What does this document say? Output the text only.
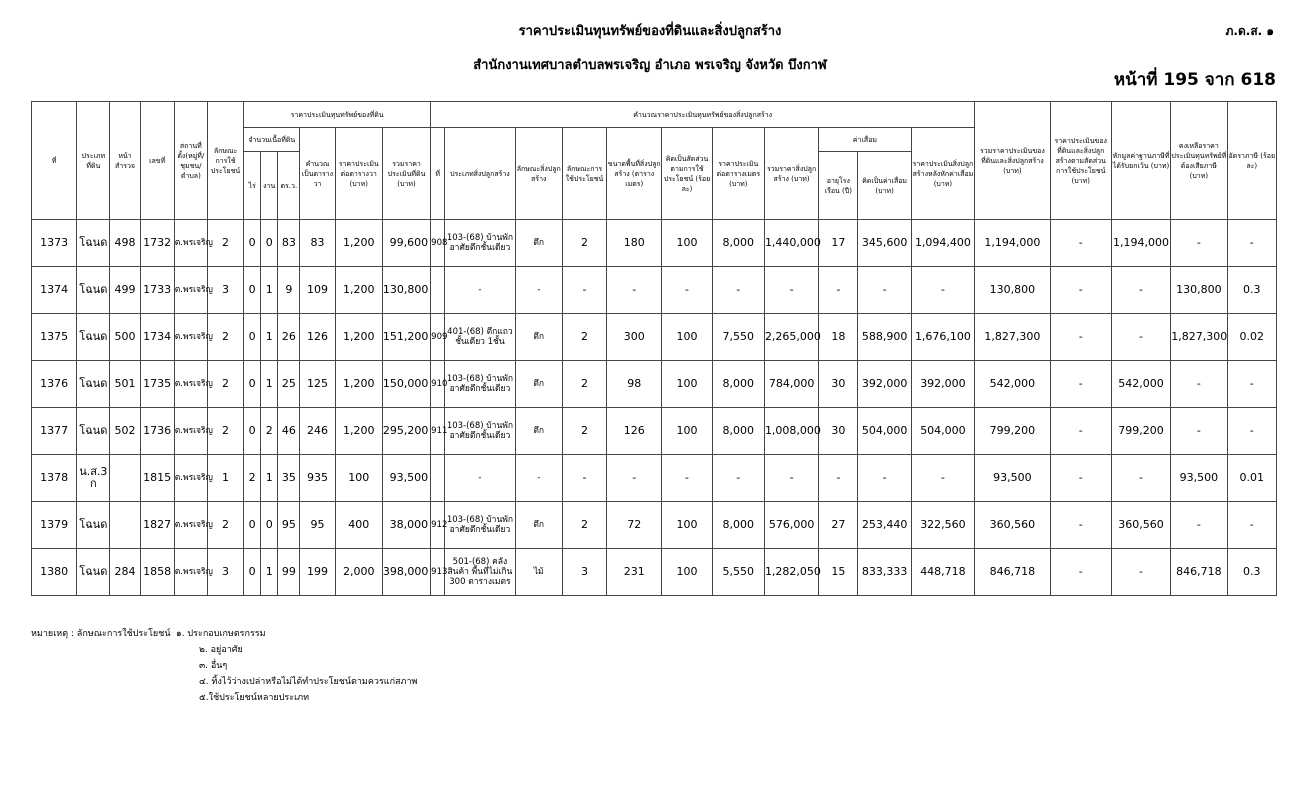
ราคาประเมินทุนทรัพย์ของที่ดินและสิ่งปลูกสร้าง
สำนักงานเทศบาลตำบลพรเจริญ อำเภอ พรเจริญ จังหวัด บึงกาฬ
ภ.ด.ส. ๑
หน้าที่ 195 จาก 618
ที่	ประเภทที่ดิน	หน้าสำรวจ	เลขที่	สถานที่ตั้ง(หมู่ที่/ชุมชน/ตำบล)	ลักษณะการใช้ประโยชน์	ราคาประเมินทุนทรัพย์ของที่ดิน						คำนวณราคาประเมินทุนทรัพย์ของสิ่งปลูกสร้าง											รวมราคาประเมินของที่ดินและสิ่งปลูกสร้าง (บาท)	ราคาประเมินของที่ดินและสิ่งปลูกสร้างตามสัดส่วนการใช้ประโยชน์ (บาท)	หักมูลค่าฐานภาษีที่ได้รับยกเว้น (บาท)	คงเหลือราคาประเมินทุนทรัพย์ที่ต้องเสียภาษี (บาท)	อัตราภาษี (ร้อยละ)
						จำนวนเนื้อที่ดิน			คำนวณเป็นตารางวา	ราคาประเมินต่อตารางวา (บาท)	รวมราคาประเมินที่ดิน (บาท)	ที่	ประเภทสิ่งปลูกสร้าง	ลักษณะสิ่งปลูกสร้าง	ลักษณะการใช้ประโยชน์	ขนาดพื้นที่สิ่งปลูกสร้าง (ตารางเมตร)	คิดเป็นสัดส่วนตามการใช้ประโยชน์ (ร้อยละ)	ราคาประเมินต่อตารางเมตร (บาท)	รวมราคาสิ่งปลูกสร้าง (บาท)	ค่าเสื่อม		ราคาประเมินสิ่งปลูกสร้างหลังหักค่าเสื่อม (บาท)					
						ไร่	งาน	ตร.ว.												อายุโรงเรือน (ปี)	คิดเป็นค่าเสื่อม (บาท)						
1373	โฉนด	498	1732	ต.พรเจริญ	2	0	0	83	83	1,200	99,600	908	103-(68) บ้านพักอาศัยตึกชั้นเดียว	ตึก	2	180	100	8,000	1,440,000	17	345,600	1,094,400	1,194,000	-	1,194,000	-	-
1374	โฉนด	499	1733	ต.พรเจริญ	3	0	1	9	109	1,200	130,800		-	-	-	-	-	-	-	-	-	-	130,800	-	-	130,800	0.3
1375	โฉนด	500	1734	ต.พรเจริญ	2	0	1	26	126	1,200	151,200	909	401-(68) ตึกแถวชั้นเดียว 1ชั้น	ตึก	2	300	100	7,550	2,265,000	18	588,900	1,676,100	1,827,300	-	-	1,827,300	0.02
1376	โฉนด	501	1735	ต.พรเจริญ	2	0	1	25	125	1,200	150,000	910	103-(68) บ้านพักอาศัยตึกชั้นเดียว	ตึก	2	98	100	8,000	784,000	30	392,000	392,000	542,000	-	542,000	-	-
1377	โฉนด	502	1736	ต.พรเจริญ	2	0	2	46	246	1,200	295,200	911	103-(68) บ้านพักอาศัยตึกชั้นเดียว	ตึก	2	126	100	8,000	1,008,000	30	504,000	504,000	799,200	-	799,200	-	-
1378	น.ส.3 ก		1815	ต.พรเจริญ	1	2	1	35	935	100	93,500		-	-	-	-	-	-	-	-	-	-	93,500	-	-	93,500	0.01
1379	โฉนด		1827	ต.พรเจริญ	2	0	0	95	95	400	38,000	912	103-(68) บ้านพักอาศัยตึกชั้นเดียว	ตึก	2	72	100	8,000	576,000	27	253,440	322,560	360,560	-	360,560	-	-
1380	โฉนด	284	1858	ต.พรเจริญ	3	0	1	99	199	2,000	398,000	913	501-(68) คลังสินค้า พื้นที่ไม่เกิน 300 ตารางเมตร	ไม้	3	231	100	5,550	1,282,050	15	833,333	448,718	846,718	-	-	846,718	0.3
หมายเหตุ : ลักษณะการใช้ประโยชน์ ๑. ประกอบเกษตรกรรม
๒. อยู่อาศัย
๓. อื่นๆ
๔. ทิ้งไว้ว่างเปล่าหรือไม่ได้ทำประโยชน์ตามควรแก่สภาพ
๕.ใช้ประโยชน์หลายประเภท
